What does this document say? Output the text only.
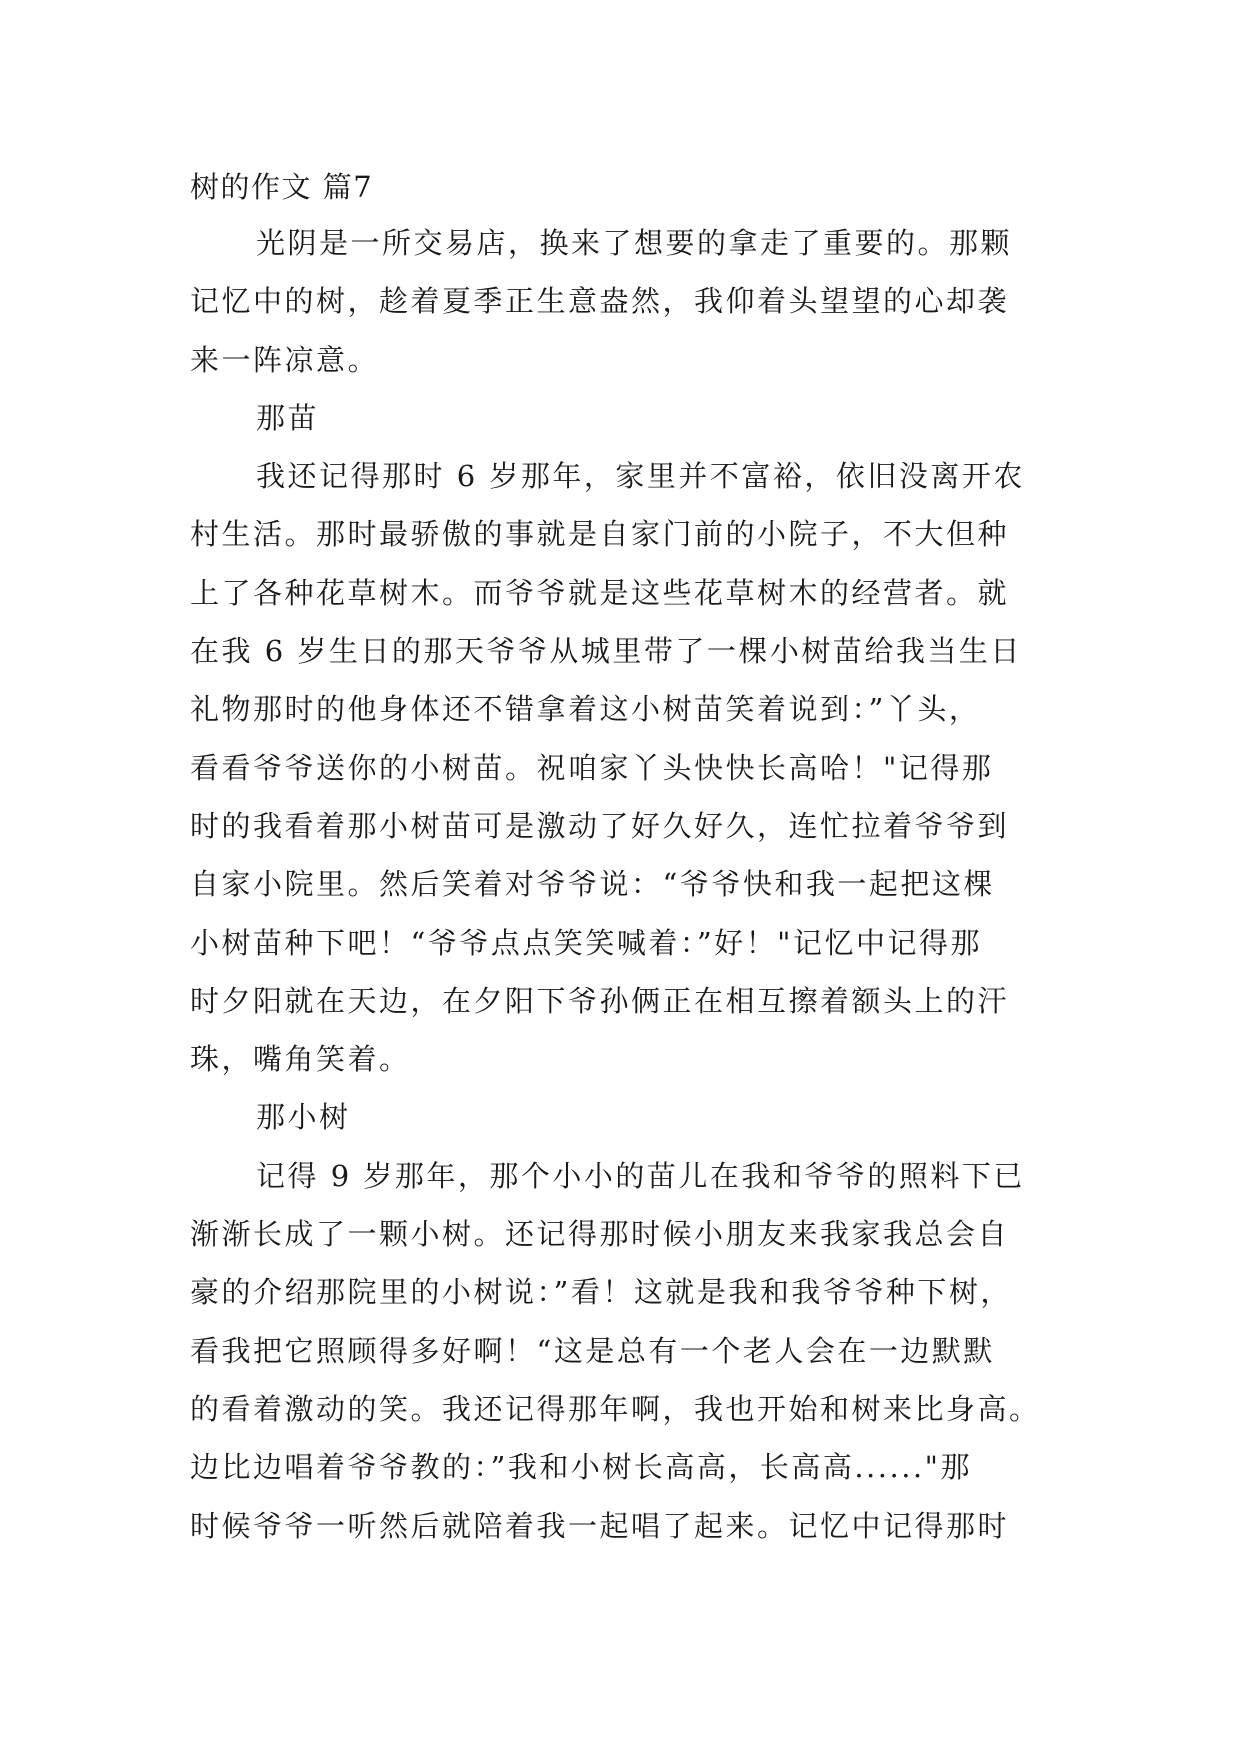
树的作文 篇7
光阴是一所交易店，换来了想要的拿走了重要的。那颗
记忆中的树，趁着夏季正生意盎然，我仰着头望望的心却袭
来一阵凉意。
那苗
我还记得那时 6 岁那年，家里并不富裕，依旧没离开农
村生活。那时最骄傲的事就是自家门前的小院子，不大但种
上了各种花草树木。而爷爷就是这些花草树木的经营者。就
在我 6 岁生日的那天爷爷从城里带了一棵小树苗给我当生日
礼物那时的他身体还不错拿着这小树苗笑着说到：”丫头，
看看爷爷送你的小树苗。祝咱家丫头快快长高哈！"记得那
时的我看着那小树苗可是激动了好久好久，连忙拉着爷爷到
自家小院里。然后笑着对爷爷说：“爷爷快和我一起把这棵
小树苗种下吧！“爷爷点点笑笑喊着：”好！"记忆中记得那
时夕阳就在天边，在夕阳下爷孙俩正在相互擦着额头上的汗
珠，嘴角笑着。
那小树
记得 9 岁那年，那个小小的苗儿在我和爷爷的照料下已
渐渐长成了一颗小树。还记得那时候小朋友来我家我总会自
豪的介绍那院里的小树说：”看！这就是我和我爷爷种下树，
看我把它照顾得多好啊！“这是总有一个老人会在一边默默
的看着激动的笑。我还记得那年啊，我也开始和树来比身高。
边比边唱着爷爷教的：”我和小树长高高，长高高......"那
时候爷爷一听然后就陪着我一起唱了起来。记忆中记得那时
